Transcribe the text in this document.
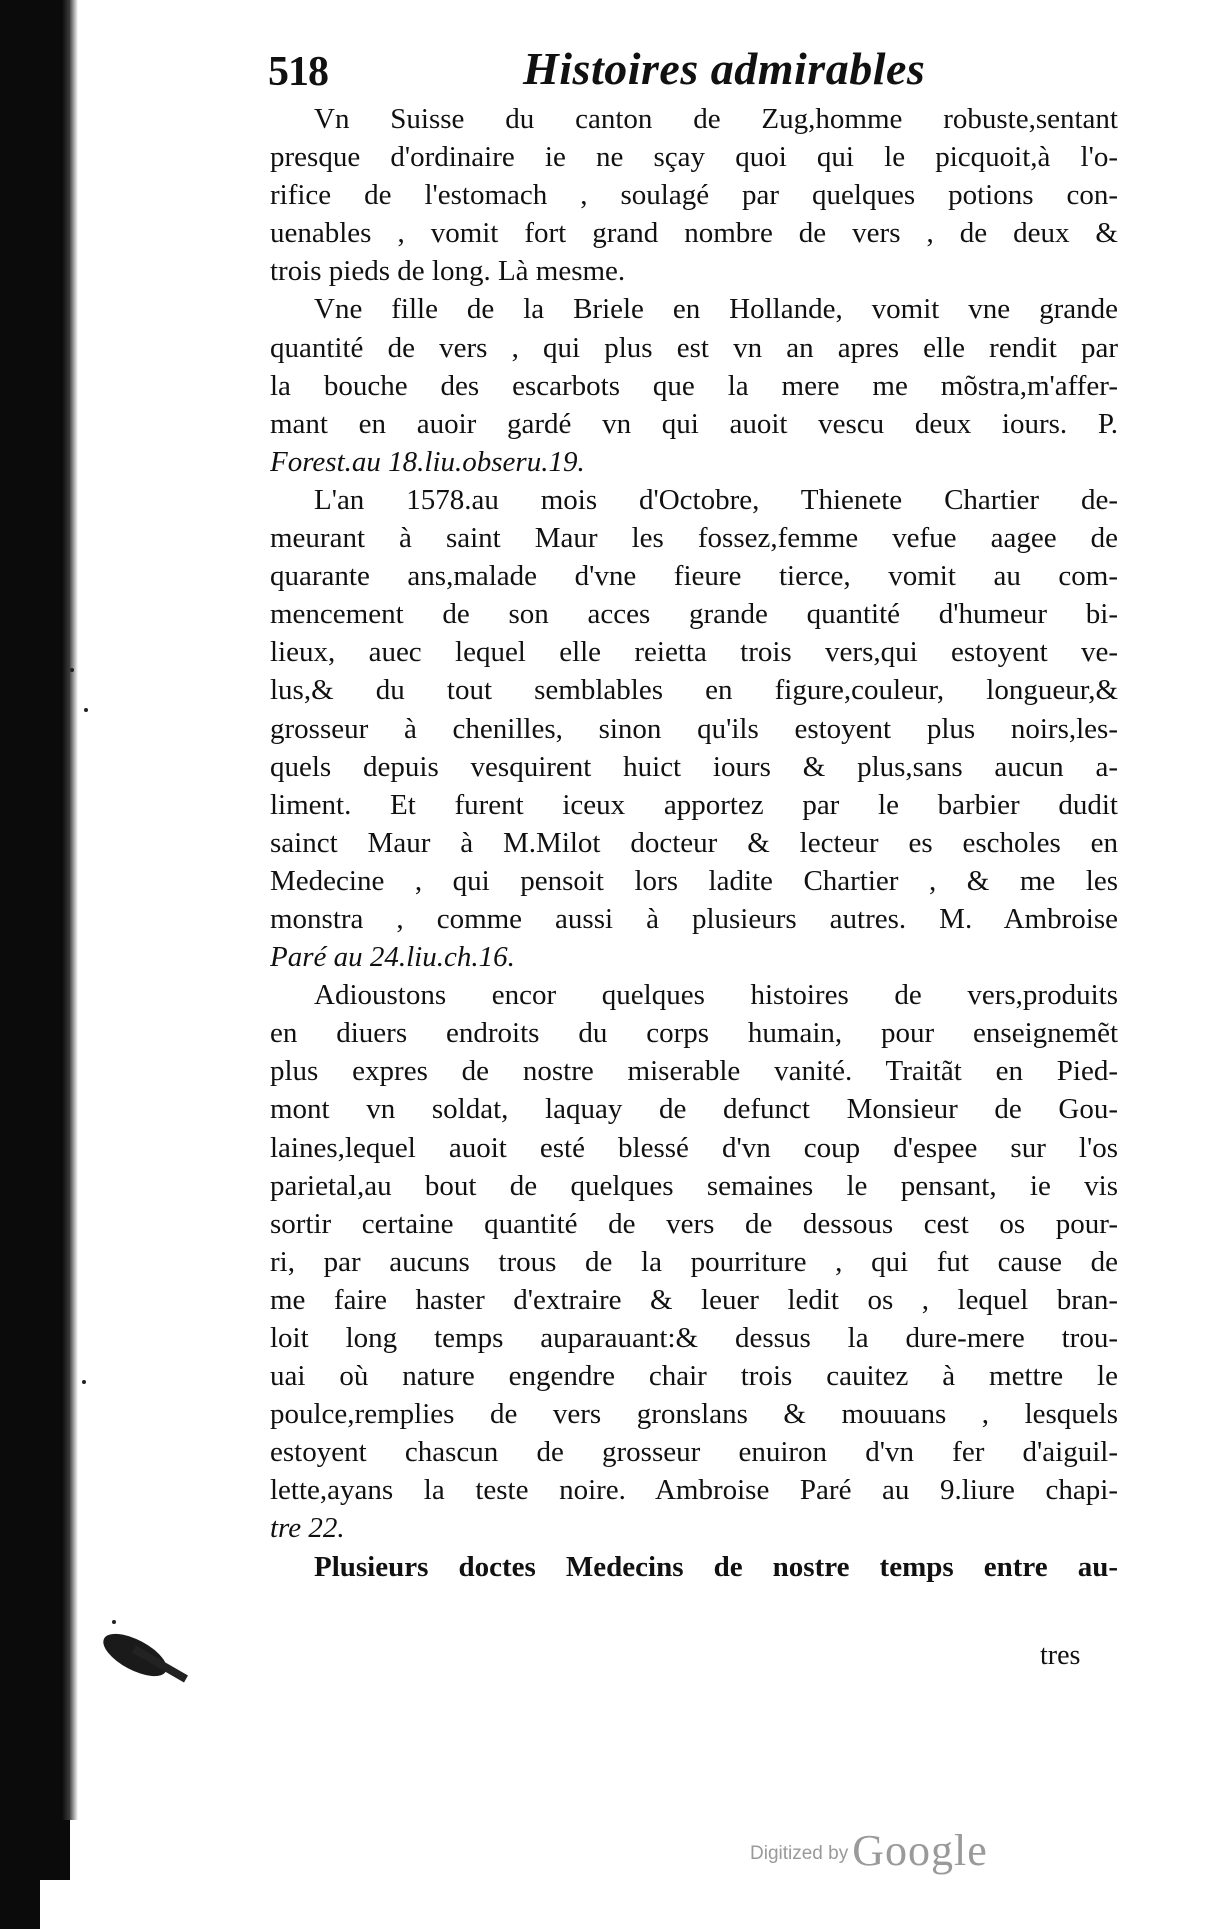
518	Histoires admirables
Vn Suisse du canton de Zug,homme robuste,sentant
presque d'ordinaire ie ne sçay quoi qui le picquoit,à l'o-
rifice de l'estomach , soulagé par quelques potions con-
uenables , vomit fort grand nombre de vers , de deux &
trois pieds de long. Là mesme.
Vne fille de la Briele en Hollande, vomit vne grande
quantité de vers , qui plus est vn an apres elle rendit par
la bouche des escarbots que la mere me mõstra,m'affer-
mant en auoir gardé vn qui auoit vescu deux iours. P.
Forest.au 18.liu.obseru.19.
L'an 1578.au mois d'Octobre, Thienete Chartier de-
meurant à saint Maur les fossez,femme vefue aagee de
quarante ans,malade d'vne fieure tierce, vomit au com-
mencement de son acces grande quantité d'humeur bi-
lieux, auec lequel elle reietta trois vers,qui estoyent ve-
lus,& du tout semblables en figure,couleur, longueur,&
grosseur à chenilles, sinon qu'ils estoyent plus noirs,les-
quels depuis vesquirent huict iours & plus,sans aucun a-
liment. Et furent iceux apportez par le barbier dudit
sainct Maur à M.Milot docteur & lecteur es escholes en
Medecine , qui pensoit lors ladite Chartier , & me les
monstra , comme aussi à plusieurs autres. M. Ambroise
Paré au 24.liu.ch.16.
Adioustons encor quelques histoires de vers,produits
en diuers endroits du corps humain, pour enseignemẽt
plus expres de nostre miserable vanité. Traitãt en Pied-
mont vn soldat, laquay de defunct Monsieur de Gou-
laines,lequel auoit esté blessé d'vn coup d'espee sur l'os
parietal,au bout de quelques semaines le pensant, ie vis
sortir certaine quantité de vers de dessous cest os pour-
ri, par aucuns trous de la pourriture , qui fut cause de
me faire haster d'extraire & leuer ledit os , lequel bran-
loit long temps auparauant:& dessus la dure-mere trou-
uai où nature engendre chair trois cauitez à mettre le
poulce,remplies de vers gronslans & mouuans , lesquels
estoyent chascun de grosseur enuiron d'vn fer d'aiguil-
lette,ayans la teste noire. Ambroise Paré au 9.liure chapi-
tre 22.
Plusieurs doctes Medecins de nostre temps entre au-
tres
Digitized by Google
